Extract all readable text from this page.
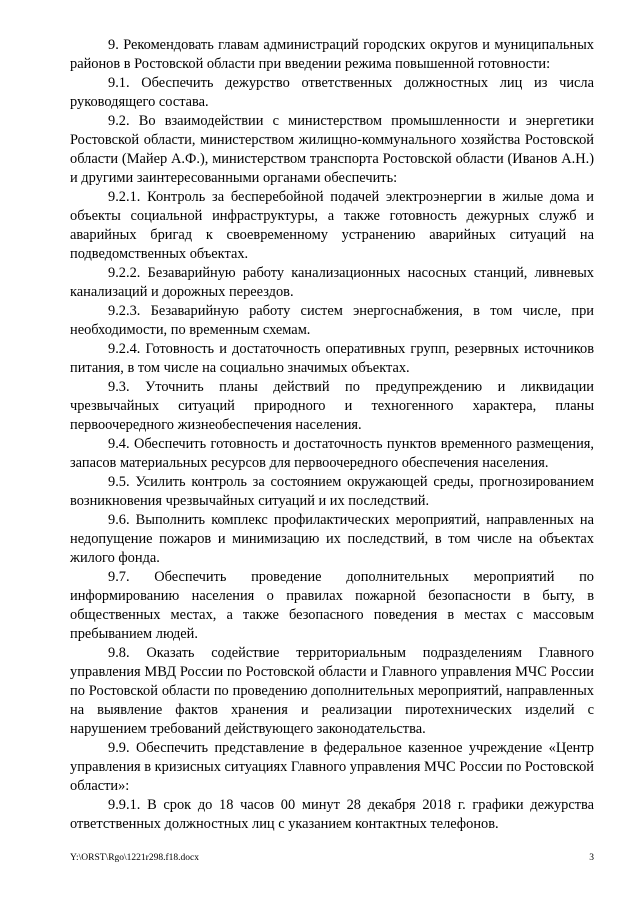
9. Рекомендовать главам администраций городских округов и муниципальных районов в Ростовской области при введении режима повышенной готовности:

9.1. Обеспечить дежурство ответственных должностных лиц из числа руководящего состава.

9.2. Во взаимодействии с министерством промышленности и энергетики Ростовской области, министерством жилищно-коммунального хозяйства Ростовской области (Майер А.Ф.), министерством транспорта Ростовской области (Иванов А.Н.) и другими заинтересованными органами обеспечить:

9.2.1. Контроль за бесперебойной подачей электроэнергии в жилые дома и объекты социальной инфраструктуры, а также готовность дежурных служб и аварийных бригад к своевременному устранению аварийных ситуаций на подведомственных объектах.

9.2.2. Безаварийную работу канализационных насосных станций, ливневых канализаций и дорожных переездов.

9.2.3. Безаварийную работу систем энергоснабжения, в том числе, при необходимости, по временным схемам.

9.2.4. Готовность и достаточность оперативных групп, резервных источников питания, в том числе на социально значимых объектах.

9.3. Уточнить планы действий по предупреждению и ликвидации чрезвычайных ситуаций природного и техногенного характера, планы первоочередного жизнеобеспечения населения.

9.4. Обеспечить готовность и достаточность пунктов временного размещения, запасов материальных ресурсов для первоочередного обеспечения населения.

9.5. Усилить контроль за состоянием окружающей среды, прогнозированием возникновения чрезвычайных ситуаций и их последствий.

9.6. Выполнить комплекс профилактических мероприятий, направленных на недопущение пожаров и минимизацию их последствий, в том числе на объектах жилого фонда.

9.7. Обеспечить проведение дополнительных мероприятий по информированию населения о правилах пожарной безопасности в быту, в общественных местах, а также безопасного поведения в местах с массовым пребыванием людей.

9.8. Оказать содействие территориальным подразделениям Главного управления МВД России по Ростовской области и Главного управления МЧС России по Ростовской области по проведению дополнительных мероприятий, направленных на выявление фактов хранения и реализации пиротехнических изделий с нарушением требований действующего законодательства.

9.9. Обеспечить представление в федеральное казенное учреждение «Центр управления в кризисных ситуациях Главного управления МЧС России по Ростовской области»:

9.9.1. В срок до 18 часов 00 минут 28 декабря 2018 г. графики дежурства ответственных должностных лиц с указанием контактных телефонов.

Y:\ORST\Rgo\1221r298.f18.docx	3
